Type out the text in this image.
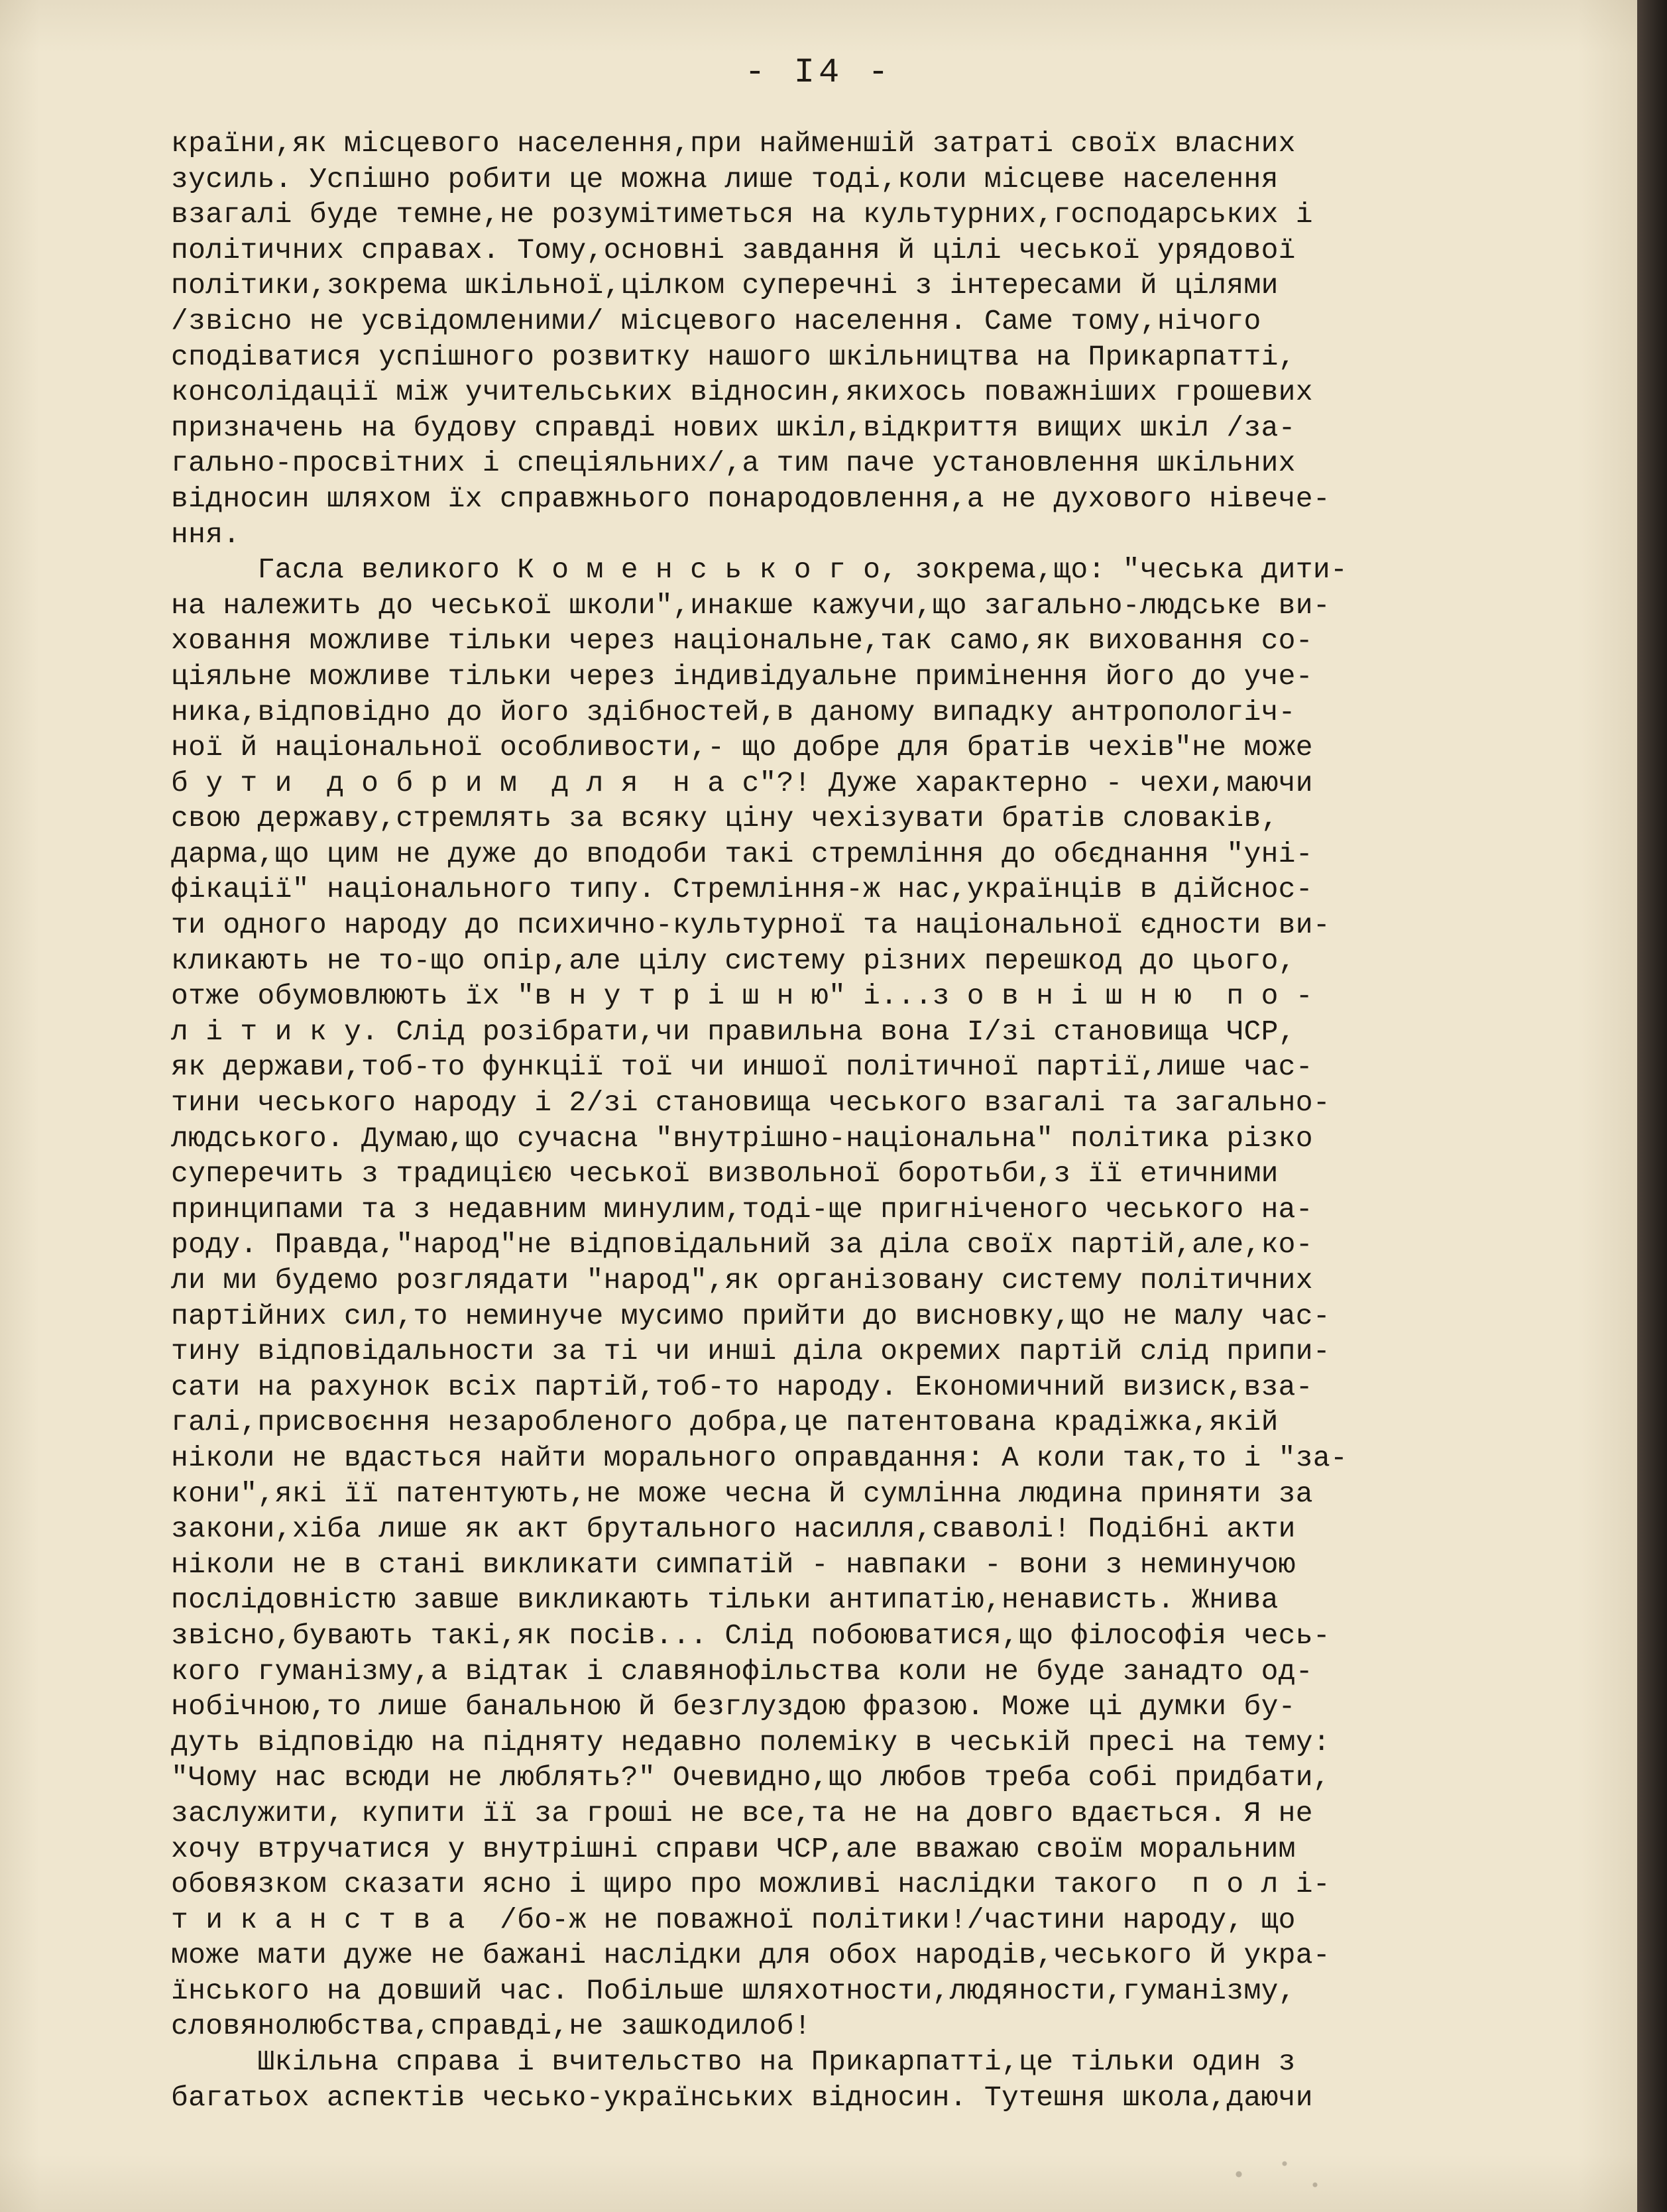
- I4 -
країни,як місцевого населення,при найменшій затраті своїх власних
зусиль. Успішно робити це можна лише тоді,коли місцеве населення
взагалі буде темне,не розумітиметься на культурних,господарських і
політичних справах. Тому,основні завдання й цілі чеської урядової
політики,зокрема шкільної,цілком суперечні з інтересами й цілями
/звісно не усвідомленими/ місцевого населення. Саме тому,нічого
сподіватися успішного розвитку нашого шкільництва на Прикарпатті,
консолідації між учительських відносин,якихось поважніших грошевих
призначень на будову справді нових шкіл,відкриття вищих шкіл /за-
гально-просвітних і спеціяльних/,а тим паче установлення шкільних
відносин шляхом їх справжнього понародовлення,а не духового нівече-
ння.
Гасла великого К о м е н с ь к о г о, зокрема,що: "чеська дити-
на належить до чеської школи",инакше кажучи,що загально-людське ви-
ховання можливе тільки через національне,так само,як виховання со-
ціяльне можливе тільки через індивідуальне примінення його до учe-
ника,відповідно до його здібностей,в даному випадку антропологіч-
ної й національної особливости,- що добре для братів чехів"не може
б у т и  д о б р и м  д л я  н а с"?! Дуже характерно - чехи,маючи
свою державу,стремлять за всяку ціну чехізувати братів словаків,
дарма,що цим не дуже до вподоби такі стремління до обєднання "уні-
фікації" національного типу. Стремління-ж нас,українців в дійснос-
ти одного народу до психично-культурної та національної єдности ви-
кликають не то-що опір,але цілу систему різних перешкод до цього,
отже обумовлюють їх "в н у т р і ш н ю" і...з о в н і ш н ю  п о -
л і т и к у. Слід розібрати,чи правильна вона I/зі становища ЧСР,
як держави,тоб-то функції тої чи иншої політичної партії,лише час-
тини чеського народу і 2/зі становища чеського взагалі та загально-
людського. Думаю,що сучасна "внутрішно-національна" політика різко
суперечить з традицією чеської визвольної боротьби,з її етичними
принципами та з недавним минулим,тоді-ще пригніченого чеського на-
роду. Правда,"народ"не відповідальний за діла своїх партій,але,ко-
ли ми будемо розглядати "народ",як органiзовану систему політичних
партійних сил,то неминуче мусимо прийти до висновку,що не малу час-
тину відповідальности за ті чи инші діла окремих партій слід припи-
сати на рахунок всіх партій,тоб-то народу. Економичний визиск,вза-
галі,присвоєння незаробленого добра,це патентована крадіжка,якій
ніколи не вдасться найти морального оправдання: А коли так,то і "за-
кони",які її патентують,не може чесна й сумлінна людина приняти за
закони,хіба лише як акт брутального насилля,сваволі! Подібні акти
ніколи не в стані викликати симпатій - навпаки - вони з неминучою
послідовністю завше викликають тільки антипатію,ненависть. Жнива
звісно,бувають такі,як посів... Слід побоюватися,що філософія чесь-
кого гуманізму,а відтак і славянофільства коли не буде занадто од-
нобічною,то лише банальною й безглуздою фразою. Може ці думки бу-
дуть відповідю на підняту недавно полеміку в чеській пресі на тему:
"Чому нас всюди не люблять?" Очевидно,що любов треба собі придбати,
заслужити, купити її за гроші не все,та не на довго вдається. Я не
хочу втручатися у внутрішні справи ЧСР,але вважаю своїм моральним
обовязком сказати ясно і щиро про можливі наслідки такого  п о л і-
т и к а н с т в а  /бо-ж не поважної політики!/частини народу, що
може мати дуже не бажані наслідки для обох народів,чеського й укра-
їнського на довший час. Побільше шляхотности,людяности,гуманізму,
словянолюбства,справді,не зашкодилоб!
Шкільна справа і вчительство на Прикарпатті,це тільки один з
багатьох аспектів чесько-українських відносин. Тутешня школа,даючи
